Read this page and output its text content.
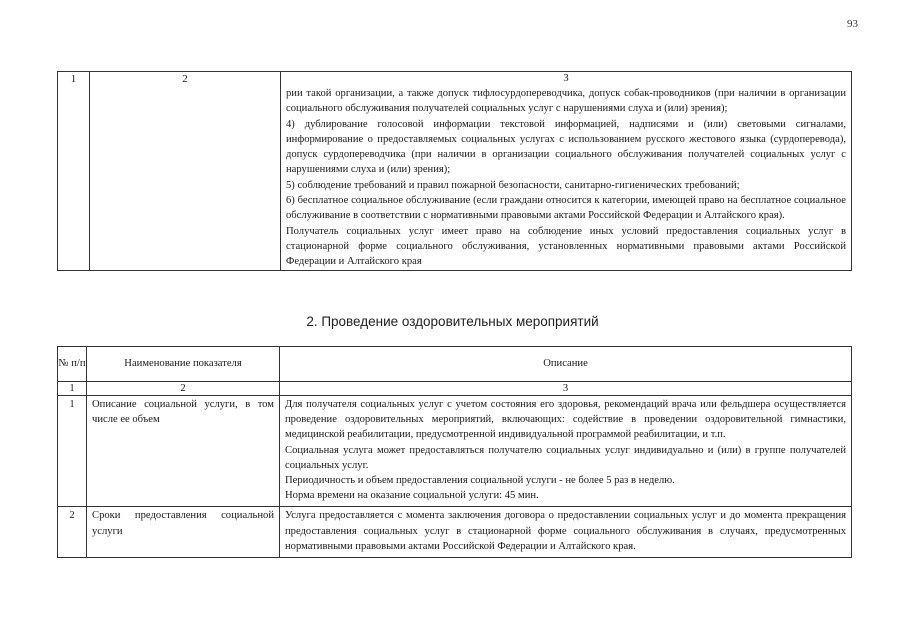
93
1	2	3

рии такой организации, а также допуск тифлосурдопереводчика, допуск собак-проводников (при наличии в организации социального обслуживания получателей социальных услуг с нарушениями слуха и (или) зрения);

4) дублирование голосовой информации текстовой информацией, надписями и (или) световыми сигналами, информирование о предоставляемых социальных услугах с использованием русского жестового языка (сурдоперевода), допуск сурдопереводчика (при наличии в организации социального обслуживания получателей социальных услуг с нарушениями слуха и (или) зрения);

5) соблюдение требований и правил пожарной безопасности, санитарно-гигиенических требований;

6) бесплатное социальное обслуживание (если граждани относится к категории, имеющей право на бесплатное социальное обслуживание в соответствии с нормативными правовыми актами Российской Федерации и Алтайского края).

Получатель социальных услуг имеет право на соблюдение иных условий предоставления социальных услуг в стационарной форме социального обслуживания, установленных нормативными правовыми актами Российской Федерации и Алтайского края

2. Проведение оздоровительных мероприятий
№ п/п	Наименование показателя	Описание
1	2	3
1	Описание социальной услуги, в том числе ее объем	Для получателя социальных услуг с учетом состояния его здоровья, рекомендаций врача или фельдшера осуществляется проведение оздоровительных мероприятий, включающих: содействие в проведении оздоровительной гимнастики, медицинской реабилитации, предусмотренной индивидуальной программой реабилитации, и т.п.

Социальная услуга может предоставляться получателю социальных услуг индивидуально и (или) в группе получателей социальных услуг.

Периодичность и объем предоставления социальной услуги - не более 5 раз в неделю.

Норма времени на оказание социальной услуги: 45 мин.

2	Сроки предоставления социальной услуги	Услуга предоставляется с момента заключения договора о предоставлении социальных услуг и до момента прекращения предоставления социальных услуг в стационарной форме социального обслуживания в случаях, предусмотренных нормативными правовыми актами Российской Федерации и Алтайского края.
